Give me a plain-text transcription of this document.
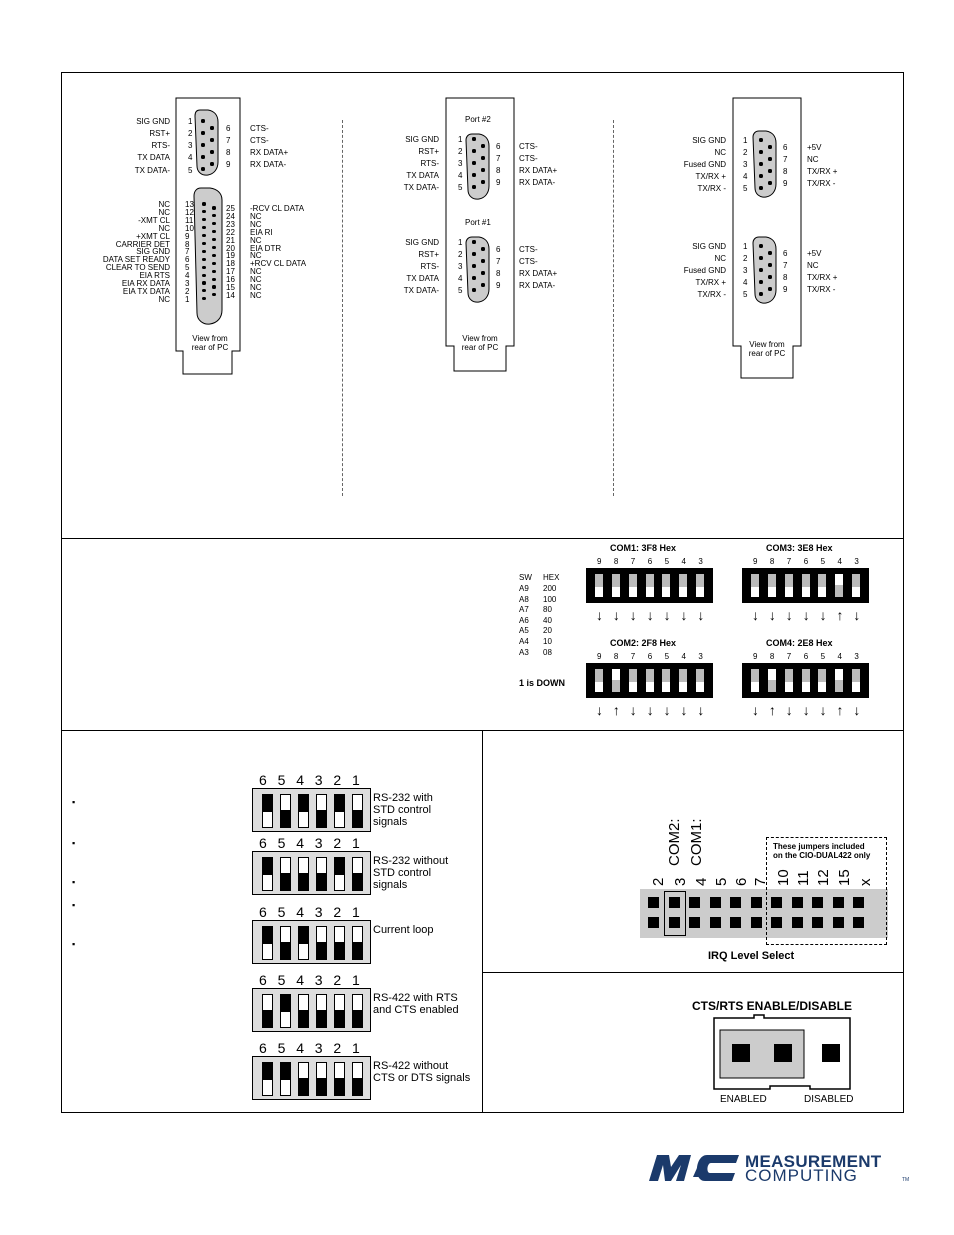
SIG GND 1
RST+ 2
RTS- 3
TX DATA 4
TX DATA- 5
6 CTS-
7 CTS-
8 RX DATA+
9 RX DATA-
NC 13
NC 12
-XMT CL 11
NC 10
+XMT CL 9
CARRIER DET 8
SIG GND 7
DATA SET READY 6
CLEAR TO SEND 5
EIA RTS 4
EIA RX DATA 3
EIA TX DATA 2
NC 1
25 -RCV CL DATA
24 NC
23 NC
22 EIA RI
21 NC
20 EIA DTR
19 NC
18 +RCV CL DATA
17 NC
16 NC
15 NC
14 NC
View from rear of PC
Port #2
Port #1
SIG GND 1
RST+ 2
RTS- 3
TX DATA 4
TX DATA- 5
6 CTS-
7 CTS-
8 RX DATA+
9 RX DATA-
SIG GND 1
RST+ 2
RTS- 3
TX DATA 4
TX DATA- 5
6 CTS-
7 CTS-
8 RX DATA+
9 RX DATA-
View from rear of PC
SIG GND 1
NC 2
Fused GND 3
TX/RX + 4
TX/RX - 5
6 +5V
7 NC
8 TX/RX +
9 TX/RX -
SIG GND 1
NC 2
Fused GND 3
TX/RX + 4
TX/RX - 5
6 +5V
7 NC
8 TX/RX +
9 TX/RX -
View from rear of PC
SW HEX
A9 200
A8 100
A7 80
A6 40
A5 20
A4 10
A3 08
1 is DOWN
COM1: 3F8 Hex
9 8 7 6 5 4 3
↓ ↓ ↓ ↓ ↓ ↓ ↓
COM3: 3E8 Hex
9 8 7 6 5 4 3
↓ ↓ ↓ ↓ ↓ ↑ ↓
COM2: 2F8 Hex
9 8 7 6 5 4 3
↓ ↑ ↓ ↓ ↓ ↓ ↓
COM4: 2E8 Hex
9 8 7 6 5 4 3
↓ ↑ ↓ ↓ ↓ ↑ ↓
▪
▪
▪
▪
▪
6 5 4 3 2 1
RS-232 with
STD control
signals
6 5 4 3 2 1
RS-232 without
STD control
signals
6 5 4 3 2 1
Current loop
6 5 4 3 2 1
RS-422 with RTS
and CTS enabled
6 5 4 3 2 1
RS-422 without
CTS or DTS signals
These jumpers included
on the CIO-DUAL422 only
COM2: COM1:
2 3 4 5 6 7 10 11 12 15 x
IRQ Level Select
CTS/RTS ENABLE/DISABLE
ENABLED	DISABLED
MEASUREMENT
COMPUTING	TM
